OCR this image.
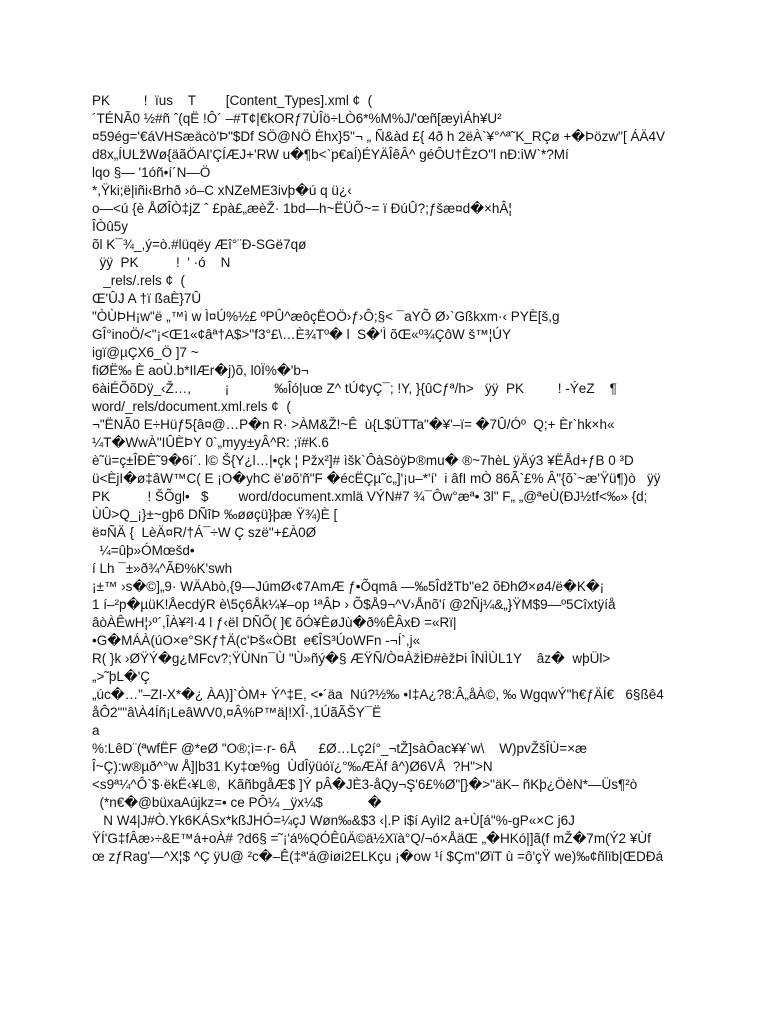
PK         !  ïus    T        [Content_Types].xml ¢  (
´TÉNÃ0 ½#ñ ˆ(qË !Ô´ –#T¢|€kORƒ7ÙÎö÷LÒ6*%M%J/'œñ[æyìÁh¥U²
¤59ég='€áVHSæäcò'Þ"$Df SÖ@NÖ Èhx}5"¬ „ Ñ&àd £{ 4ð h 2ëÀ`¥°^ª˜K_RÇø +�Þözw"[ ÁÄ4V
d8x„ÍULžWø{äãÖAI'ÇÍÆJ+'RW u�¶b<`p€aÍ)ÉYÄÎêÂ^ géÔU†ÈzO"l nÐ:iW`*?Mí
lqo §— '1óñ•í´N—Ö
*,Ÿki;ë|iñi‹Brhð ›ó–C xNZeME3ivþ�ú q ü¿‹
o—<ú {è ÅØÎÒ‡jZ ˆ £pà£„æèŽ· 1bd—h~ËÜÕ~= ï ÐúÛ?;ƒšæ¤d�×hÂ¦
ÎÒû5y
õl K¯¾_,ý=ò.#lüqëy Æî°¨Ð-SGë7qø
ÿÿ  PK          !  ' ·ó    N
_rels/.rels ¢  (
Œ'ÛJ A †ï ßaÈ}7Û
"ÒÙÞH¡w"ë „™ì w Ì¤Ú%½£ ºPÛ^æôçËOÖ›ƒ›Ô;§< ¯aYÕ Ø›`Gßkxm·‹ PYÈ[š,g
GÎ°inoÖ/<"¡<Œ1«¢âª†A$>"f3°£\…È¾Tº� l  S�'Ì õŒ«º¾ÇôW š™¦ÚY
igï@µÇX6_Ö ]7 ~
fiØË‰ È aoÙ.b*IlÆr�j)õ, l0Ï%�'b¬
6àiÉÕõDÿ_‹Ž…,         ¡            ‰Îó|uœ Z^ tÚ¢yÇ¯; !Y, }{ûCƒª/h>   ÿÿ  PK         ! -ÝeZ    ¶
word/_rels/document.xml.rels ¢  (
¬"ËNÃ0 E÷Hüƒ5{â¤@…P�n R· >ÀM&Ž!~Ê  ù{L$ÜTTa"�¥'–ï= �7Û/Óº  Q;+ Èr`hk×h«
¼T�WwÀ"IÛÈÞY 0`„myy±yÂ^R: ;ï#K.6
è˜ü=ç±ÎÐÈ˜9�6í´. l© Š{Y¿l…|•çk ¦ Pžx²]# ìšk`ÔàSòÿÞ®mu� ®~7hèL ÿÄý3 ¥ËÅd+ƒB 0 ³D
ü<ÈjI�ø‡âW™C( E ¡O�yhC ë'øõ'ñ"F �écËÇµ˜c„]'¡u–*'í'  i âfI mÒ 86Ã`£% Â"{õ`~æ'Ÿü¶)ò   ÿÿ
PK          ! ŠÕgl•   $        word/document.xmlä VÝN#7 ¾¯Ôw°æª• 3l" F„ „@ªeÙ(ÐJ½tf<‰» {d;
ÙÛ>Q_¡}±~gþ6 DÑîÞ ‰øøçü}þæ Ÿ¾)È [
ë¤ÑÄ {  LèÄ¤R/†Á¯÷W Ç szë"+£À0Ø
¼=ûþ»ÓMœšd•
í Lh ¯±»ð¾^ÃÐ%K'swh
¡±™ ›s�©]„9· WÄAbò,{9—JúmØ‹¢7AmÆ ƒ•Õqmâ —‰5ÎdžTb"e2 õÐhØ×ø4/ë�K�¡
1 í–²p�µüK!ÅecdýR è\5ç6Åk¼¥–op ¹ªÂÞ › Õ$Å9¬^V›Ånõ'í @2Ñj¼&„}ŸM$9—º5Cîxtÿíå
âòÀÊwH¦›º´,ÎÀ¥²l·4 l ƒ‹ël DÑÕ( ]€ õÓ¥ÈøJù�ð%ÊÂxÐ =«Rï|
•G�MÁÀ(úO×e°SKƒ†Ä(c'Þš«ÒBt  e€ÎS³ÚoWFn -¬Í`,j«
R( }k ›ØŸÝ�g¿MFcv?;ŸÙNn¯Ù "Ù»ñý�§ ÆŸÑ/Ò¤ÀžÌÐ#èžÞi ÎNÌÙL1Y    âz�  wþÜl>
„>˜þL�'Ç
„úc�…"–ZI-X*�¿ ÀA)]`ÒM+ Ý^‡E, <•´äa  Nú?½‰ •I‡A¿?8:Â„åÀ©, ‰ WgqwÝ"h€ƒÄÍ€   6§ßê4
åÔ2""â\À4Íñ¡LeâWV0,¤Â%P™ä|!XÎ·,1ÚãÃŠY¯Ë
a
%:LêD¨(ªwfËF @*eØ "O®;ì=·r- 6Å      £Ø…Lç2í°_¬tŽ]sàÔac¥¥`w\    W)pvŽšÎÙ=×æ
Î~Ç):w®µð^°w Å]|b31 Ky‡œ%g  ÙdÎÿüóï¿°‰ÆÄf â^)Ø6VÅ  ?H">N
<s9ª¼^Ô`$·ëkË‹¥L®,  KãñbgåÆ$ ]Ý pÂ�JÈ3-åQy¬Ş'6£%Ø"[}�>"äK– ñKþ¿ÖèN*—Üs¶²ò
(*n€�@büxaAújkz=• ce PÔ¼ _ÿx¼$            �
N W4|J#Ò.Yk6KÁSx*kßJHÓ=¼çJ Wøn‰&$3 ‹|.P i$í Ayìl2 a+Ù[á"%-gP«×C j6J
ŸÍ'G‡fÂæ›÷&E™á+oÀ# ?d6§ =˜¡'á%QÓÊûÄ©ä½Xïà°Q/¬ó×ÅäŒ „�HKó|]ã(f mŽ�7m(Ý2 ¥Ùf
œ zƒRag'—^X¦$ ^Ç ÿU@ ²c�–Ê(‡ª'á@iøi2ELKçu ¡�ow ¹í $Çm"ØïT ù =ô'çŸ we)‰¢ñlïb|ŒDÐá
